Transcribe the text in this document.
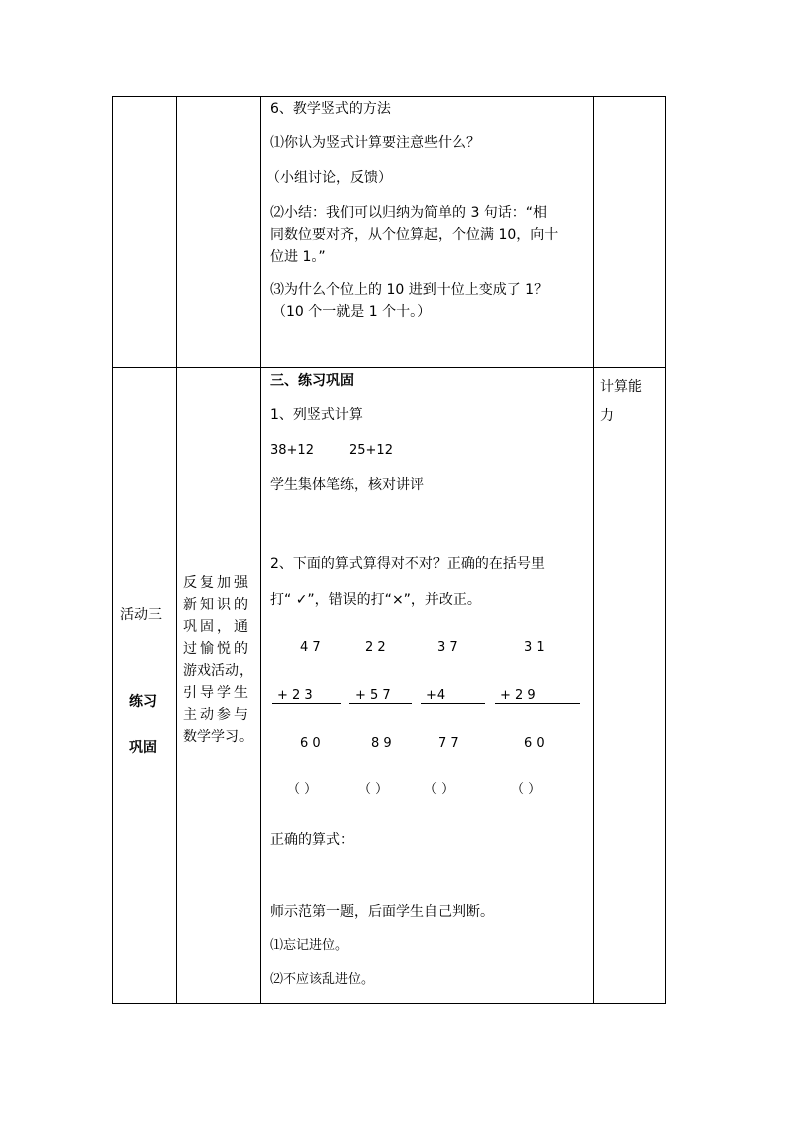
6、教学竖式的方法
⑴你认为竖式计算要注意些什么？
（小组讨论，反馈）
⑵小结：我们可以归纳为简单的 3 句话：“相
同数位要对齐，从个位算起，个位满 10，向十
位进 1。”
⑶为什么个位上的 10 进到十位上变成了 1？
（10 个一就是 1 个十。）
活动三
练习
巩固
反复加强
新知识的
巩固，通
过愉悦的
游戏活动，
引导学生
主动参与
数学学习。
三、练习巩固
1、列竖式计算
38+12	25+12
学生集体笔练，核对讲评
2、下面的算式算得对不对？正确的在括号里
打“ ✓”，错误的打“×”，并改正。
4 7
+ 2 3
6 0
（ ）
2 2
+ 5 7
8 9
（ ）
3 7
+4
7 7
（ ）
3 1
+ 2 9
6 0
（ ）
正确的算式：
师示范第一题，后面学生自己判断。
⑴忘记进位。
⑵不应该乱进位。
计算能
力
